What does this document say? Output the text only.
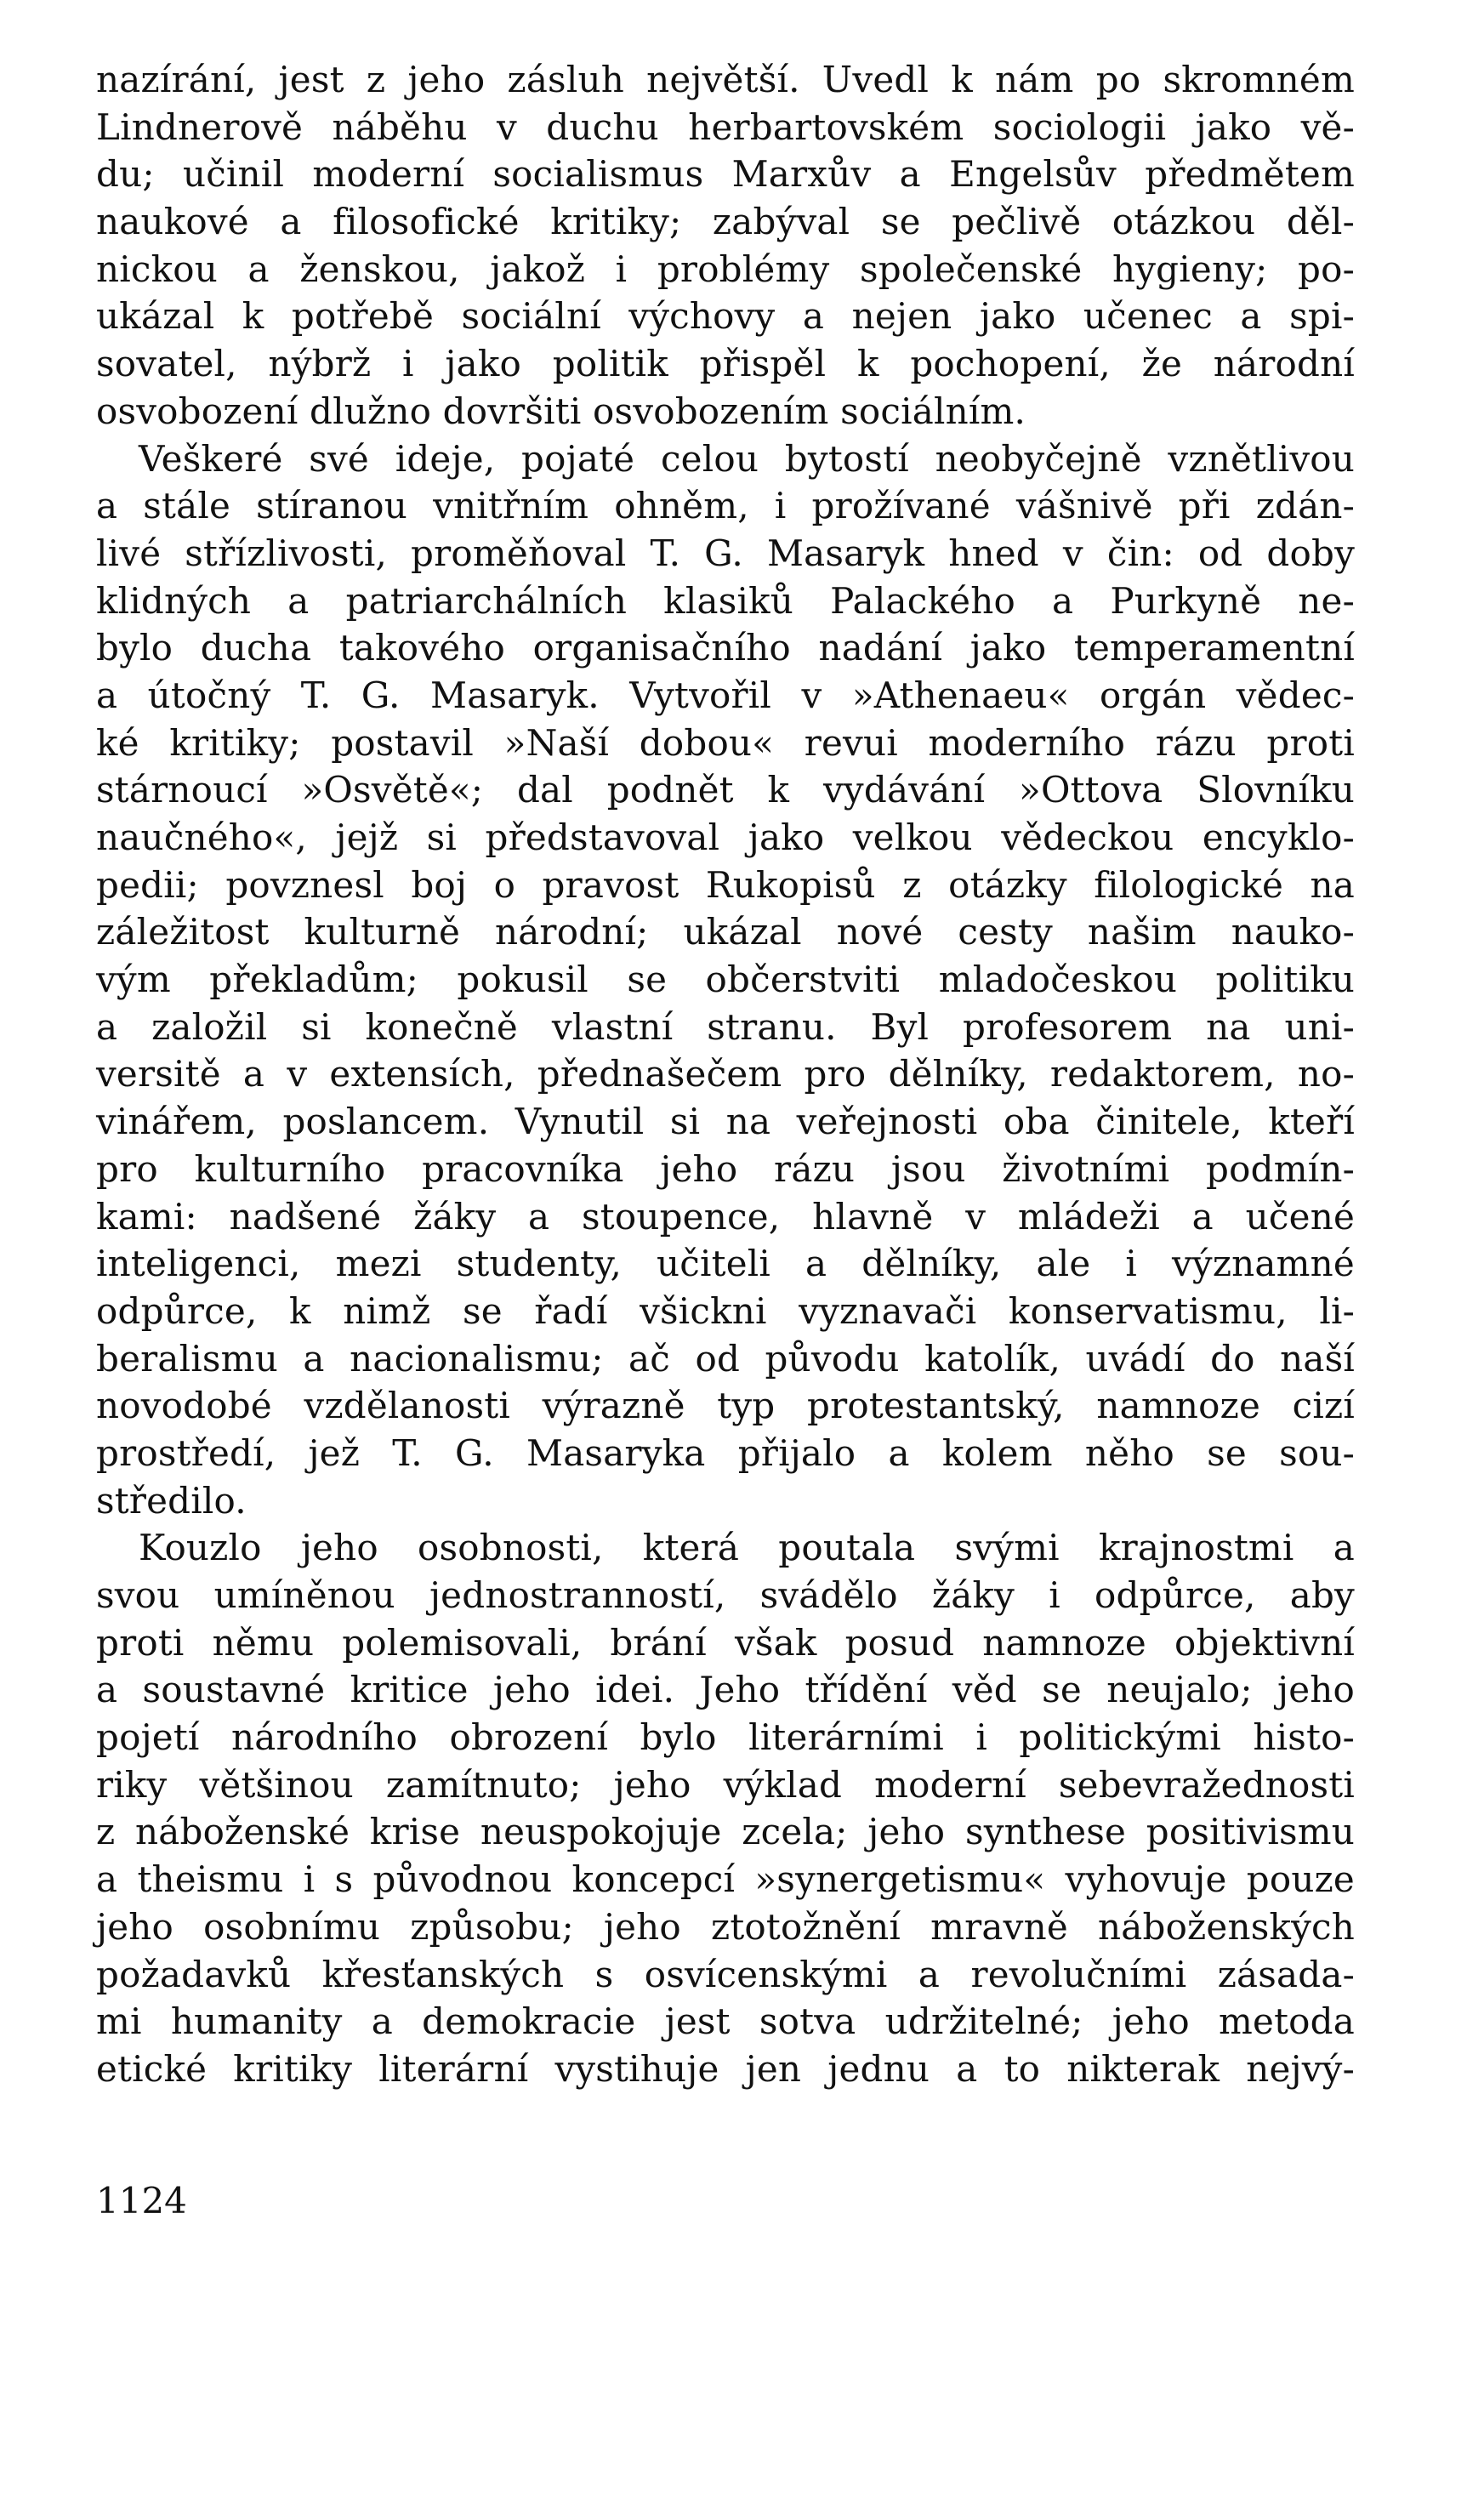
nazírání, jest z jeho zásluh největší. Uvedl k nám po skromném
Lindnerově náběhu v duchu herbartovském sociologii jako vě-
du; učinil moderní socialismus Marxův a Engelsův předmětem
naukové a filosofické kritiky; zabýval se pečlivě otázkou děl-
nickou a ženskou, jakož i problémy společenské hygieny; po-
ukázal k potřebě sociální výchovy a nejen jako učenec a spi-
sovatel, nýbrž i jako politik přispěl k pochopení, že národní
osvobození dlužno dovršiti osvobozením sociálním.
Veškeré své ideje, pojaté celou bytostí neobyčejně vznětlivou
a stále stíranou vnitřním ohněm, i prožívané vášnivě při zdán-
livé střízlivosti, proměňoval T. G. Masaryk hned v čin: od doby
klidných a patriarchálních klasiků Palackého a Purkyně ne-
bylo ducha takového organisačního nadání jako temperamentní
a útočný T. G. Masaryk. Vytvořil v »Athenaeu« orgán vědec-
ké kritiky; postavil »Naší dobou« revui moderního rázu proti
stárnoucí »Osvětě«; dal podnět k vydávání »Ottova Slovníku
naučného«, jejž si představoval jako velkou vědeckou encyklo-
pedii; povznesl boj o pravost Rukopisů z otázky filologické na
záležitost kulturně národní; ukázal nové cesty našim nauko-
vým překladům; pokusil se občerstviti mladočeskou politiku
a založil si konečně vlastní stranu. Byl profesorem na uni-
versitě a v extensích, přednašečem pro dělníky, redaktorem, no-
vinářem, poslancem. Vynutil si na veřejnosti oba činitele, kteří
pro kulturního pracovníka jeho rázu jsou životními podmín-
kami: nadšené žáky a stoupence, hlavně v mládeži a učené
inteligenci, mezi studenty, učiteli a dělníky, ale i významné
odpůrce, k nimž se řadí všickni vyznavači konservatismu, li-
beralismu a nacionalismu; ač od původu katolík, uvádí do naší
novodobé vzdělanosti výrazně typ protestantský, namnoze cizí
prostředí, jež T. G. Masaryka přijalo a kolem něho se sou-
středilo.
Kouzlo jeho osobnosti, která poutala svými krajnostmi a
svou umíněnou jednostranností, svádělo žáky i odpůrce, aby
proti němu polemisovali, brání však posud namnoze objektivní
a soustavné kritice jeho idei. Jeho třídění věd se neujalo; jeho
pojetí národního obrození bylo literárními i politickými histo-
riky většinou zamítnuto; jeho výklad moderní sebevražednosti
z náboženské krise neuspokojuje zcela; jeho synthese positivismu
a theismu i s původnou koncepcí »synergetismu« vyhovuje pouze
jeho osobnímu způsobu; jeho ztotožnění mravně náboženských
požadavků křesťanských s osvícenskými a revolučními zásada-
mi humanity a demokracie jest sotva udržitelné; jeho metoda
etické kritiky literární vystihuje jen jednu a to nikterak nejvý-
1124
